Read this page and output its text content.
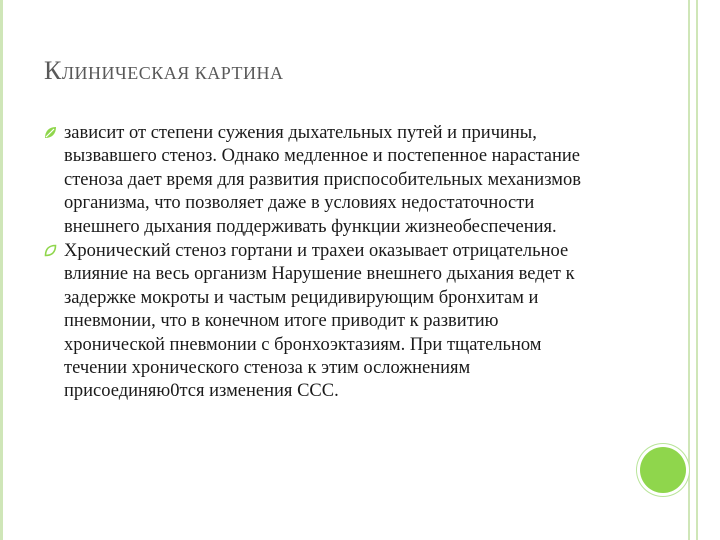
КЛИНИЧЕСКАЯ КАРТИНА
зависит от степени сужения дыхательных путей и причины, вызвавшего стеноз. Однако медленное и постепенное нарастание стеноза дает время для развития приспособительных механизмов организма, что позволяет даже в условиях недостаточности внешнего дыхания поддерживать функции жизнеобеспечения.
Хронический стеноз гортани и трахеи оказывает отрицательное влияние на весь организм Нарушение внешнего дыхания ведет к задержке мокроты и частым рецидивирующим бронхитам и пневмонии, что в конечном итоге приводит к развитию хронической пневмонии с бронхоэктазиям. При тщательном течении хронического стеноза к этим осложнениям присоединяю0тся изменения ССС.
